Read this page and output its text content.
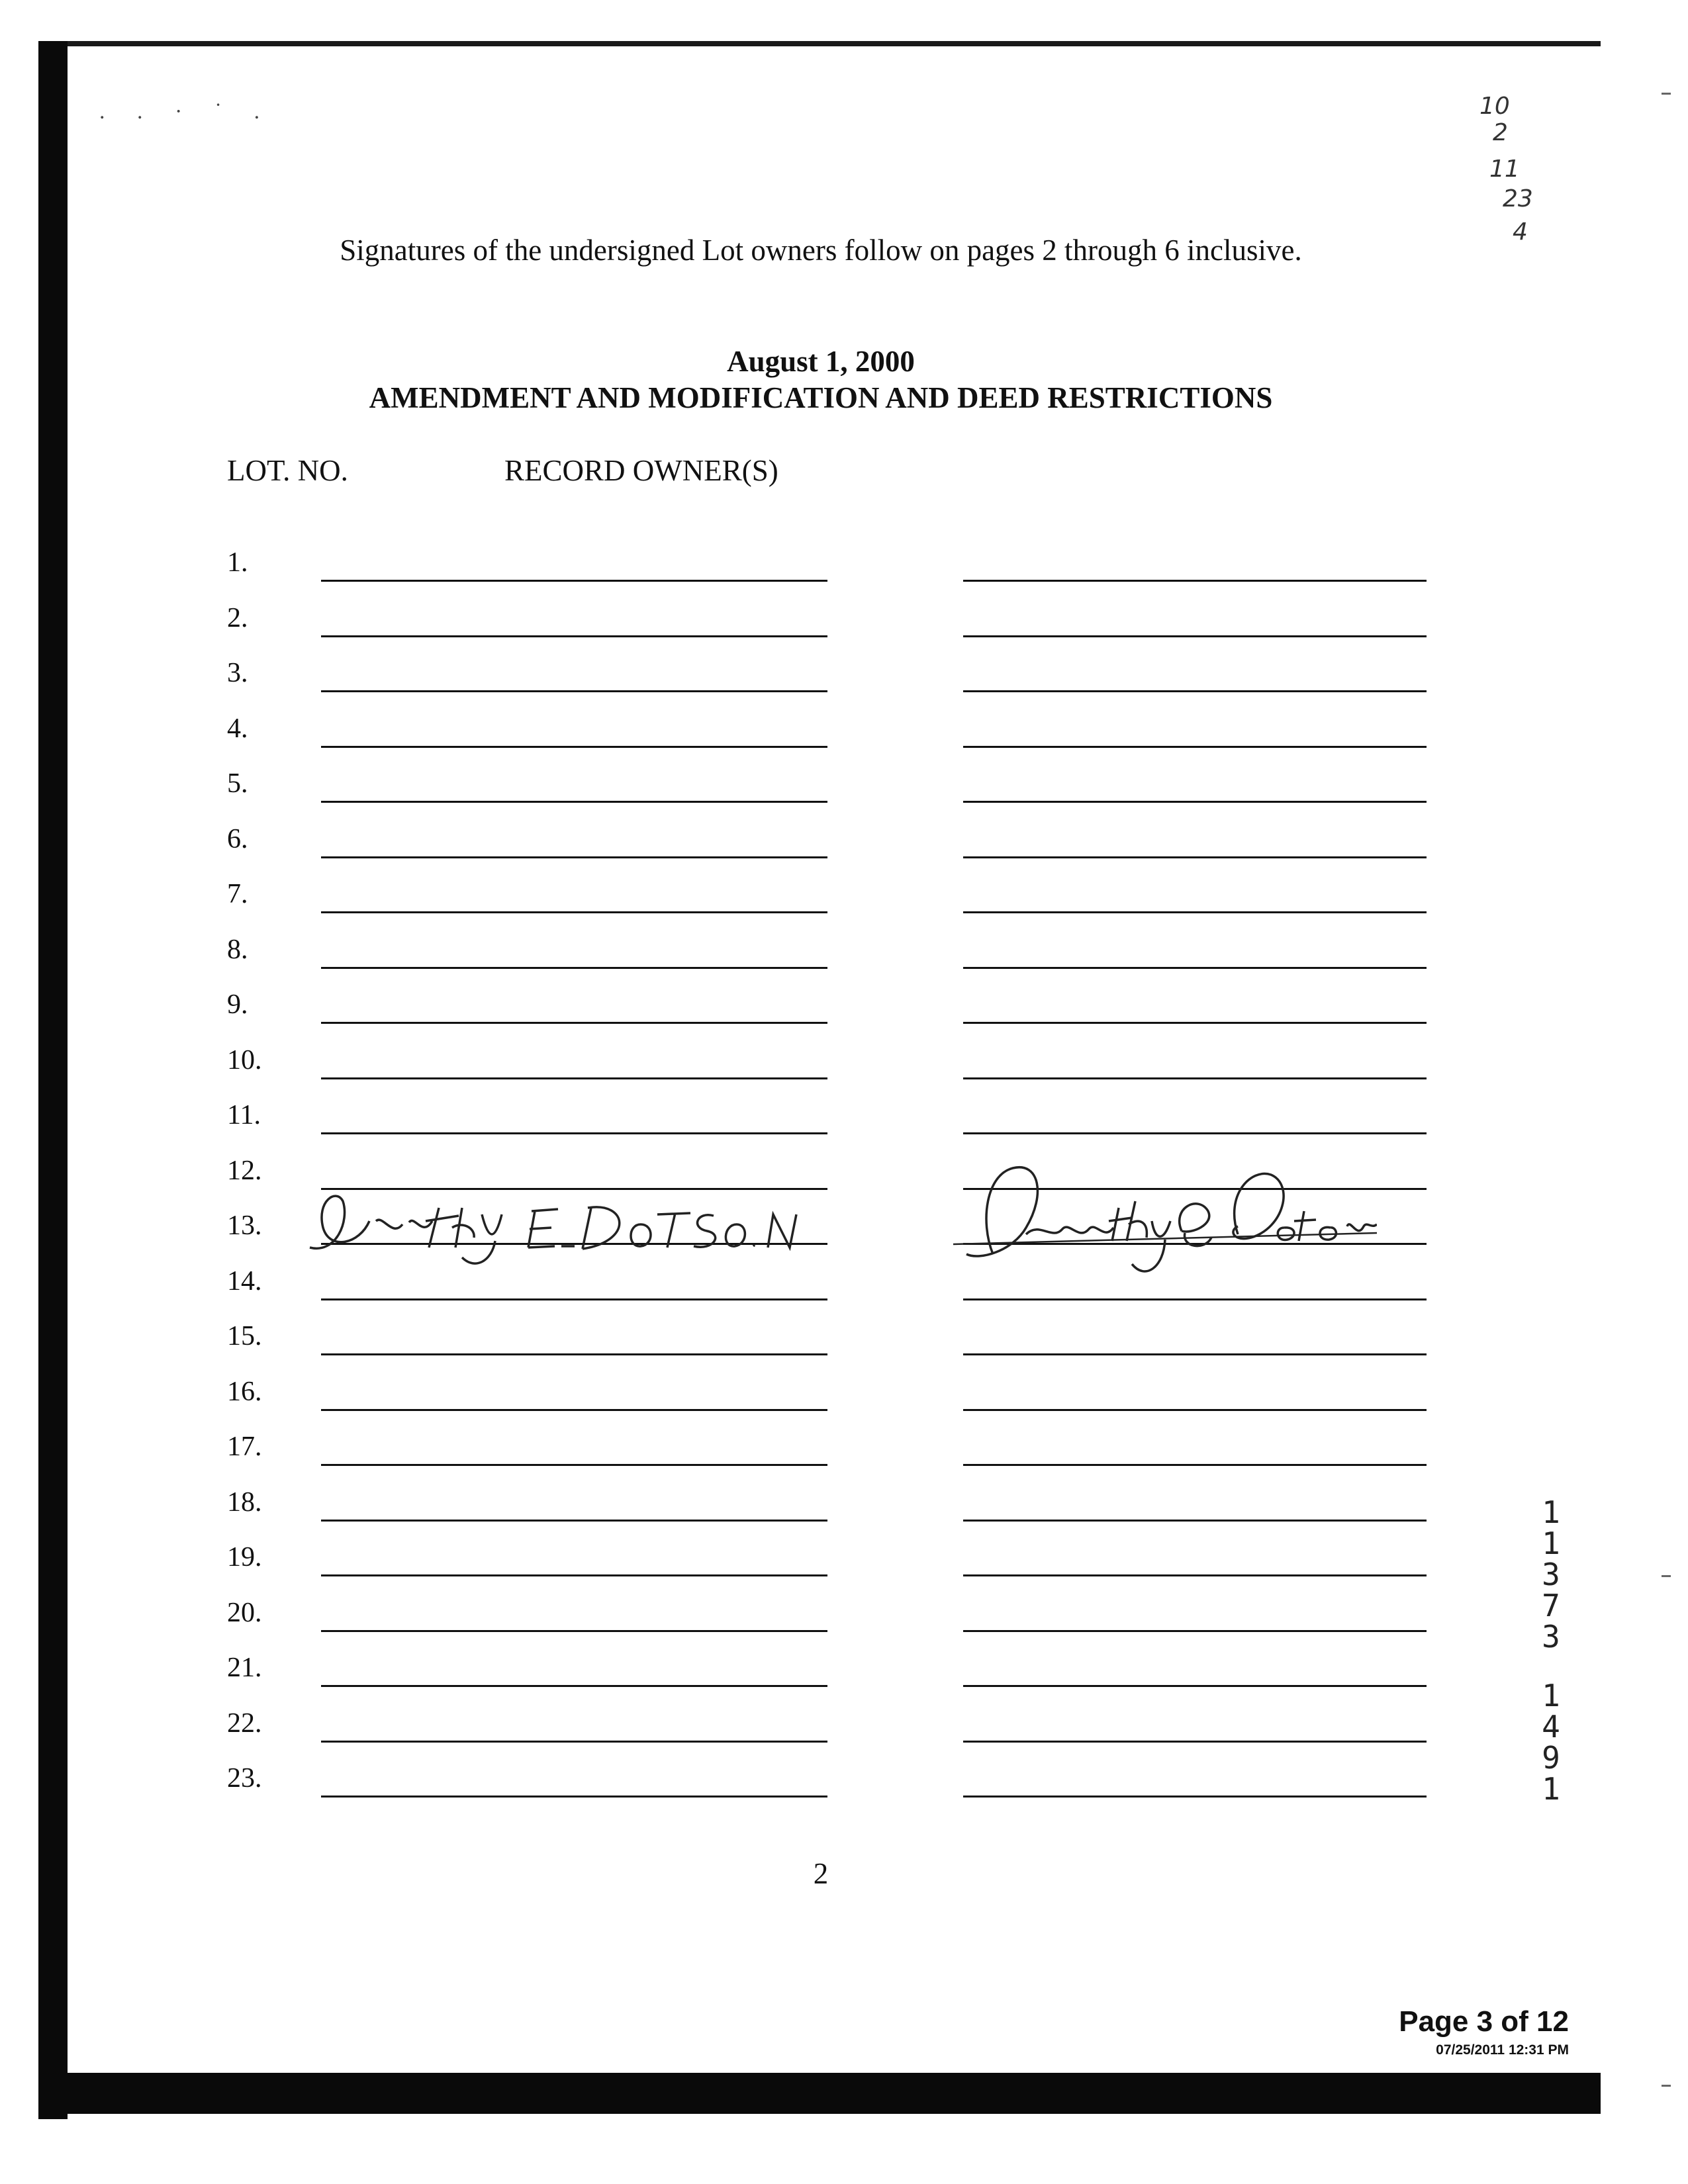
. . · ˙ .	10
2
11
23
4
Signatures of the undersigned Lot owners follow on pages 2 through 6 inclusive.
August 1, 2000
AMENDMENT AND MODIFICATION AND DEED RESTRICTIONS
LOT. NO.	RECORD OWNER(S)
1.
2.
3.
4.
5.
6.
7.
8.
9.
10.
11.
12.
13.
14.
15.
16.
17.
18.
19.
20.
21.
22.
23.
2
1
1
3
7
3
1
4
9
1
Page 3 of 12
07/25/2011 12:31 PM
